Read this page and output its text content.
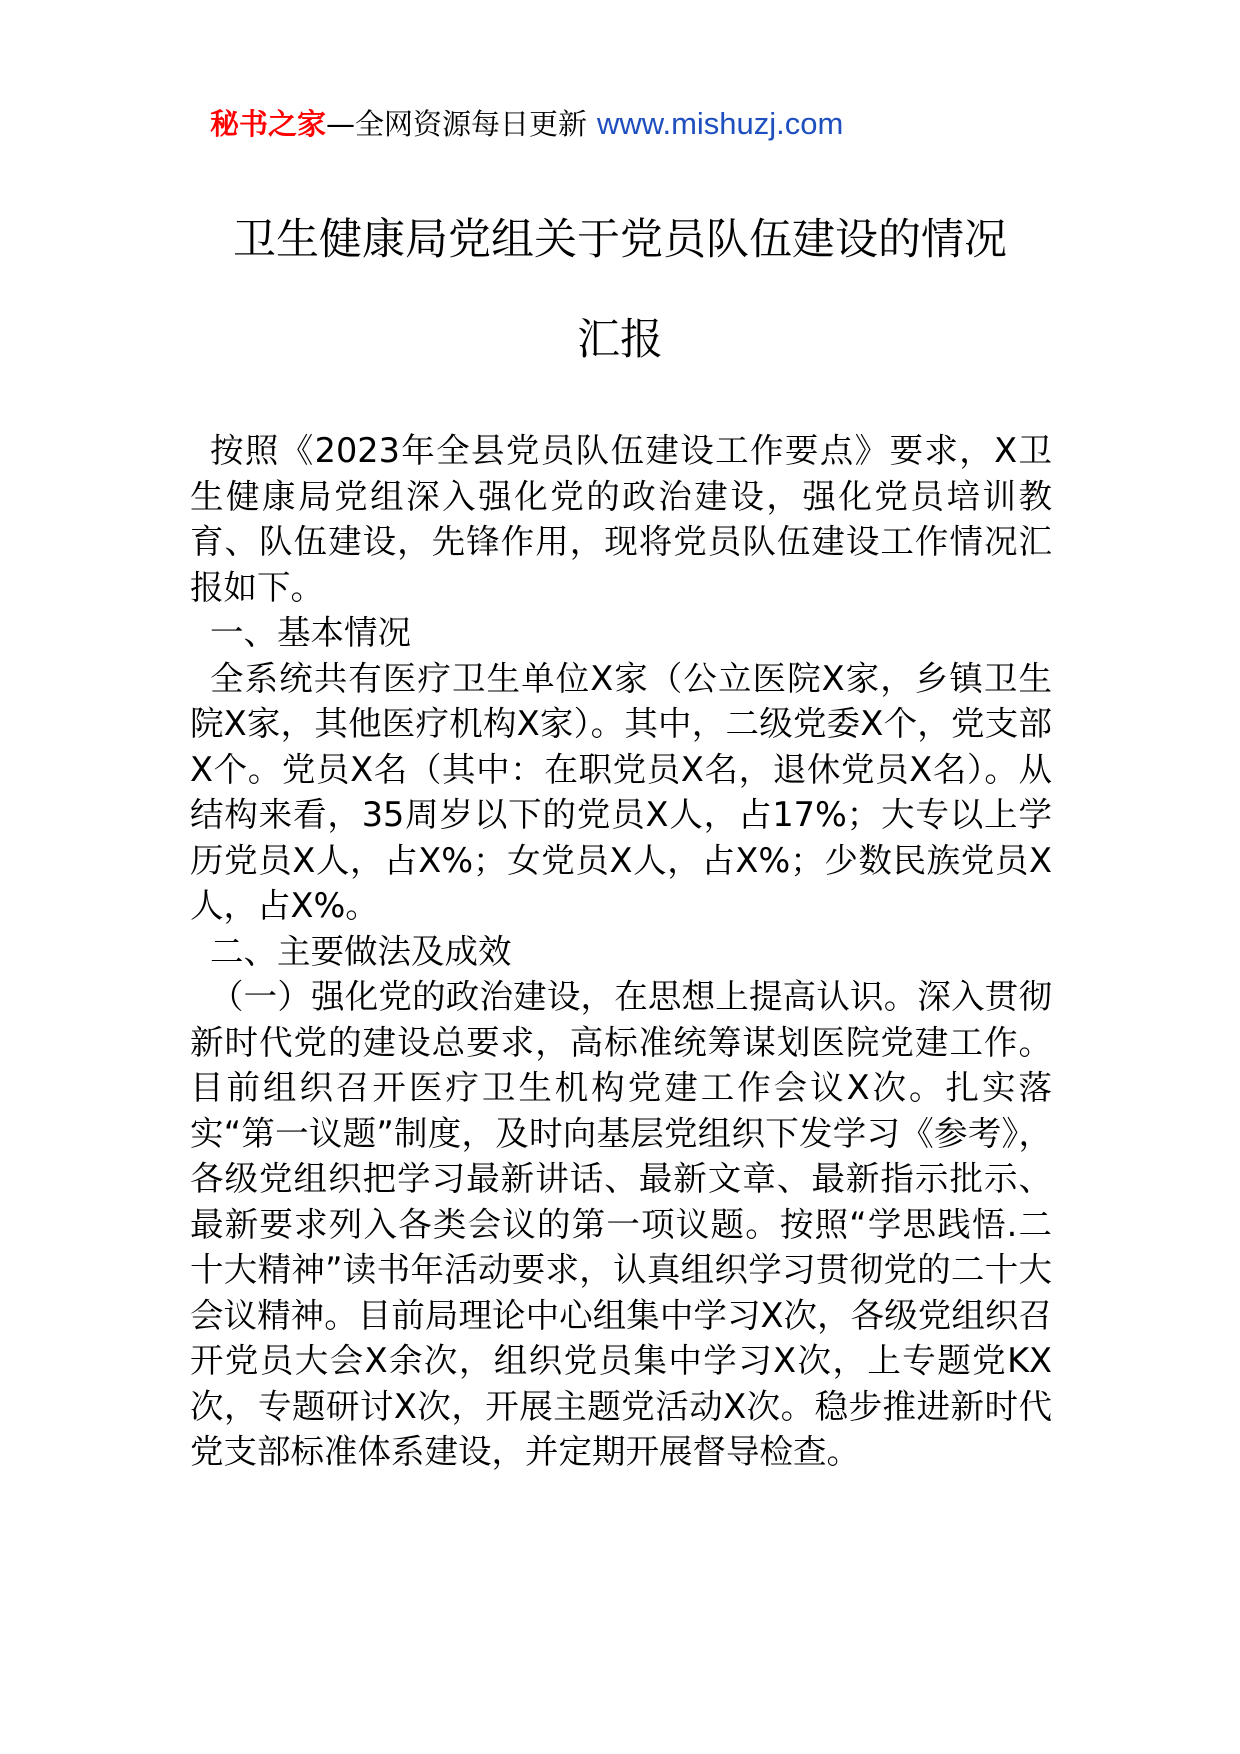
秘书之家—全网资源每日更新 www.mishuzj.com
卫生健康局党组关于党员队伍建设的情况
汇报

按照《2023年全县党员队伍建设工作要点》要求，X卫生健康局党组深入强化党的政治建设，强化党员培训教育、队伍建设，先锋作用，现将党员队伍建设工作情况汇报如下。

一、基本情况

全系统共有医疗卫生单位X家（公立医院X家，乡镇卫生院X家，其他医疗机构X家）。其中，二级党委X个，党支部X个。党员X名（其中：在职党员X名，退休党员X名）。从结构来看，35周岁以下的党员X人，占17%；大专以上学历党员X人，占X%；女党员X人，占X%；少数民族党员X人，占X%。

二、主要做法及成效

（一）强化党的政治建设，在思想上提高认识。深入贯彻新时代党的建设总要求，高标准统筹谋划医院党建工作。目前组织召开医疗卫生机构党建工作会议X次。扎实落实“第一议题”制度，及时向基层党组织下发学习《参考》，各级党组织把学习最新讲话、最新文章、最新指示批示、最新要求列入各类会议的第一项议题。按照“学思践悟.二十大精神”读书年活动要求，认真组织学习贯彻党的二十大会议精神。目前局理论中心组集中学习X次，各级党组织召开党员大会X余次，组织党员集中学习X次，上专题党KX次，专题研讨X次，开展主题党活动X次。稳步推进新时代党支部标准体系建设，并定期开展督导检查。
